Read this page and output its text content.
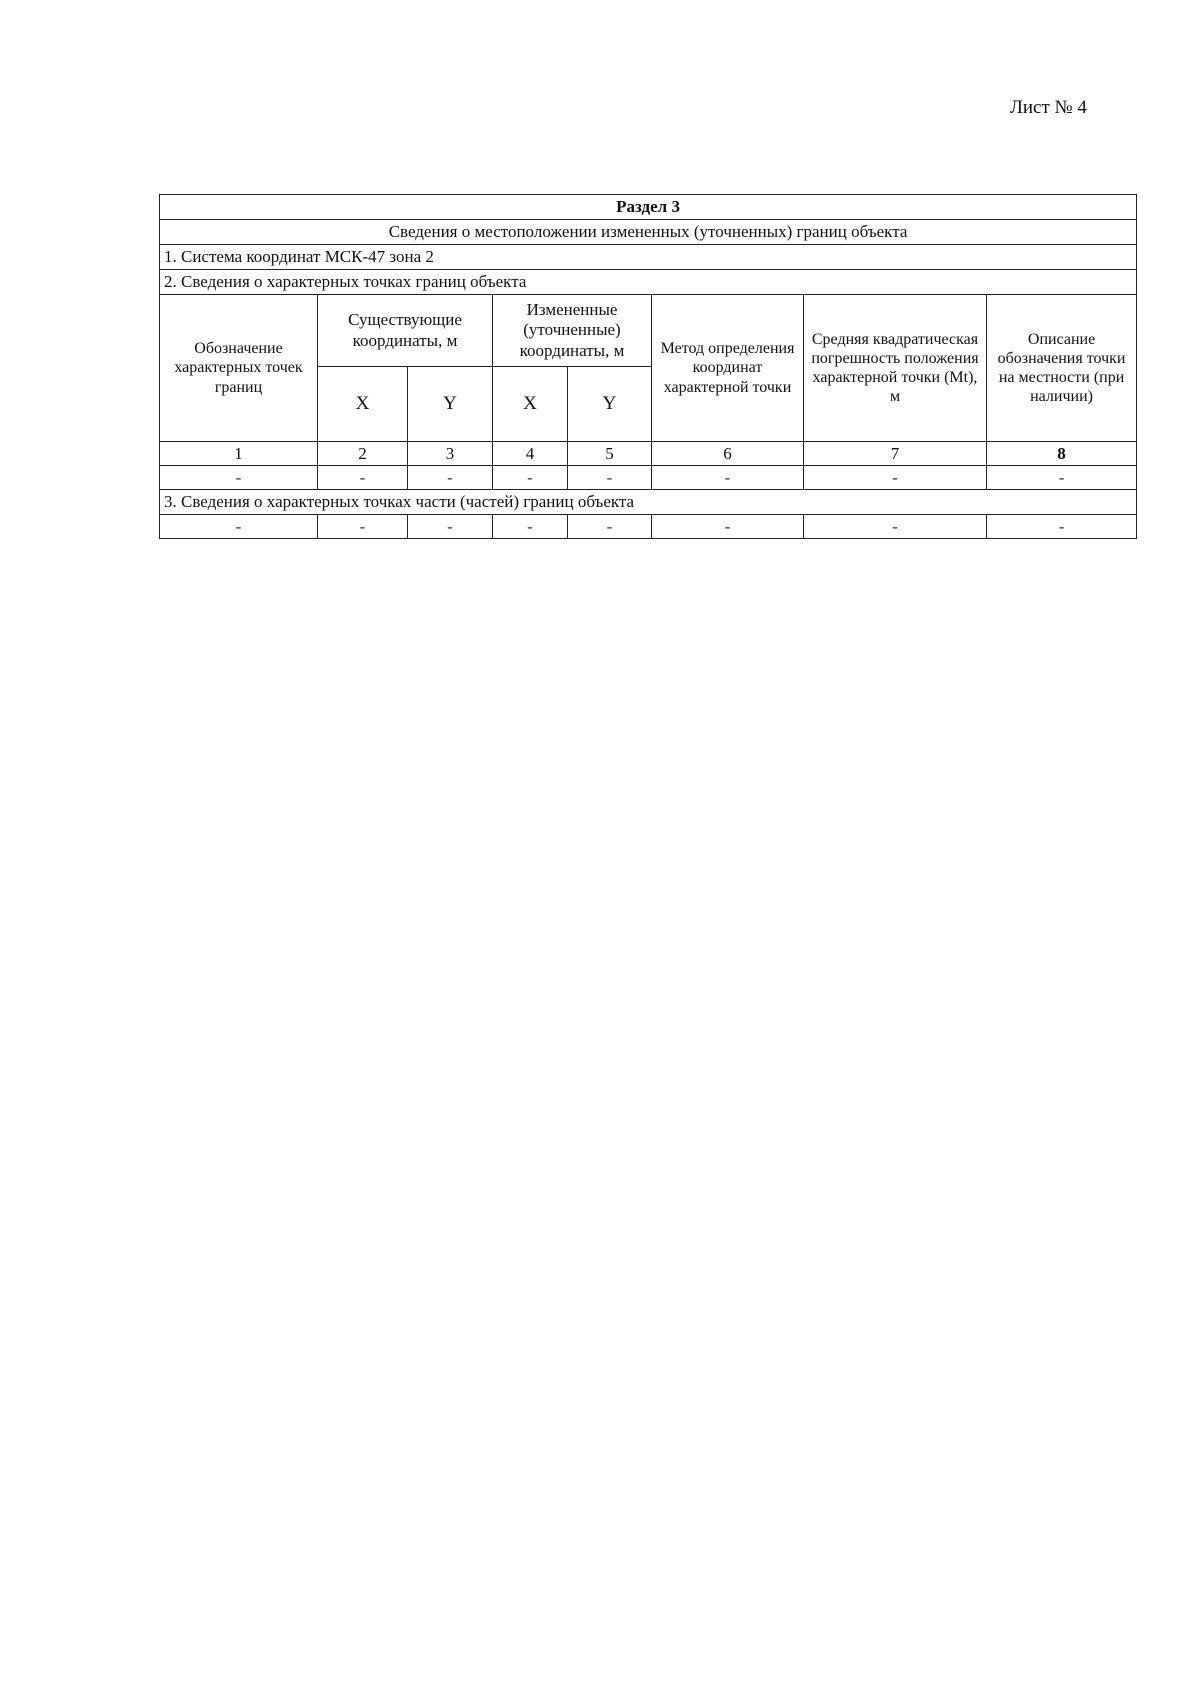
Лист № 4
Раздел 3							
Сведения о местоположении измененных (уточненных) границ объекта							
1. Система координат МСК-47 зона 2							
2. Сведения о характерных точках границ объекта							
Обозначение характерных точек границ	Существующие координаты, м		Измененные (уточненные) координаты, м		Метод определения координат характерной точки	Средняя квадратическая погрешность положения характерной точки (Mt), м	Описание обозначения точки на местности (при наличии)
	X	Y	X	Y			
1	2	3	4	5	6	7	8
-	-	-	-	-	-	-	-
3. Сведения о характерных точках части (частей) границ объекта							
-	-	-	-	-	-	-	-
